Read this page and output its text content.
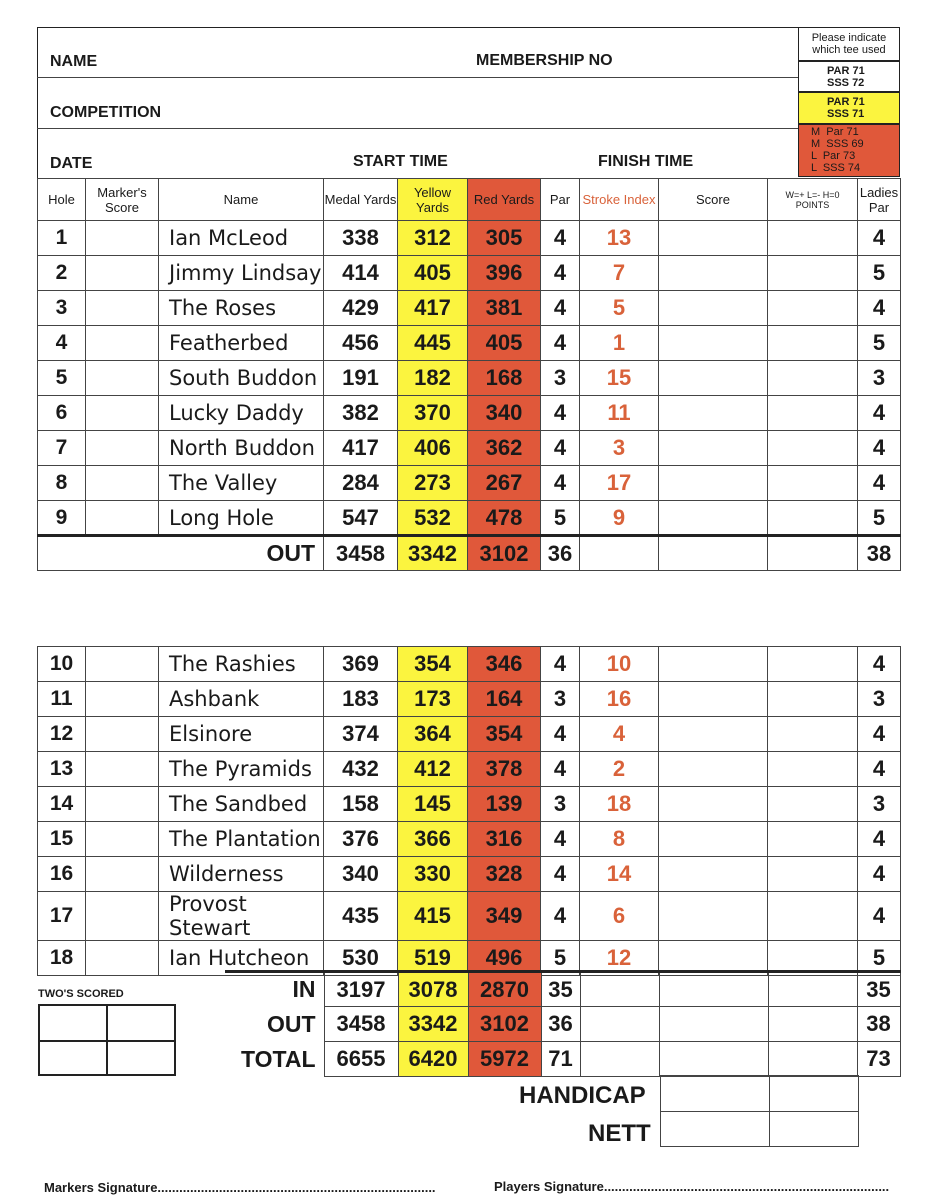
NAME	MEMBERSHIP NO
COMPETITION
DATE	START TIME	FINISH TIME
Please indicate which tee used
PAR 71
SSS 72
PAR 71
SSS 71
M  Par 71
M  SSS 69
L  Par 73
L  SSS 74
Hole	Marker's Score	Name	Medal Yards	Yellow Yards	Red Yards	Par	Stroke Index	Score	W=+ L=- H=0 POINTS	Ladies Par
1		Ian McLeod	338	312	305	4	13			4
2		Jimmy Lindsay	414	405	396	4	7			5
3		The Roses	429	417	381	4	5			4
4		Featherbed	456	445	405	4	1			5
5		South Buddon	191	182	168	3	15			3
6		Lucky Daddy	382	370	340	4	11			4
7		North Buddon	417	406	362	4	3			4
8		The Valley	284	273	267	4	17			4
9		Long Hole	547	532	478	5	9			5
OUT			3458	3342	3102	36				38
10		The Rashies	369	354	346	4	10			4
11		Ashbank	183	173	164	3	16			3
12		Elsinore	374	364	354	4	4			4
13		The Pyramids	432	412	378	4	2			4
14		The Sandbed	158	145	139	3	18			3
15		The Plantation	376	366	316	4	8			4
16		Wilderness	340	330	328	4	14			4
17		Provost Stewart	435	415	349	4	6			4
18		Ian Hutcheon	530	519	496	5	12			5
IN	3197	3078	2870	35				35
OUT	3458	3342	3102	36				38
TOTAL	6655	6420	5972	71				73
TWO'S SCORED
HANDICAP
NETT
Markers Signature.............................................................................	Players Signature...............................................................................
